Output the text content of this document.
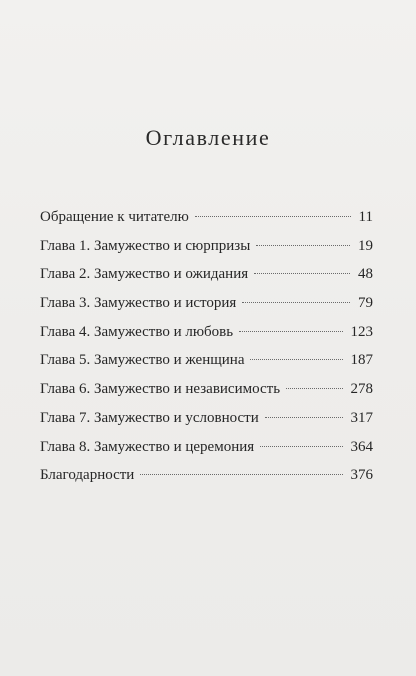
Оглавление
Обращение к читателю	11
Глава 1. Замужество и сюрпризы	19
Глава 2. Замужество и ожидания	48
Глава 3. Замужество и история	79
Глава 4. Замужество и любовь	123
Глава 5. Замужество и женщина	187
Глава 6. Замужество и независимость	278
Глава 7. Замужество и условности	317
Глава 8. Замужество и церемония	364
Благодарности	376
